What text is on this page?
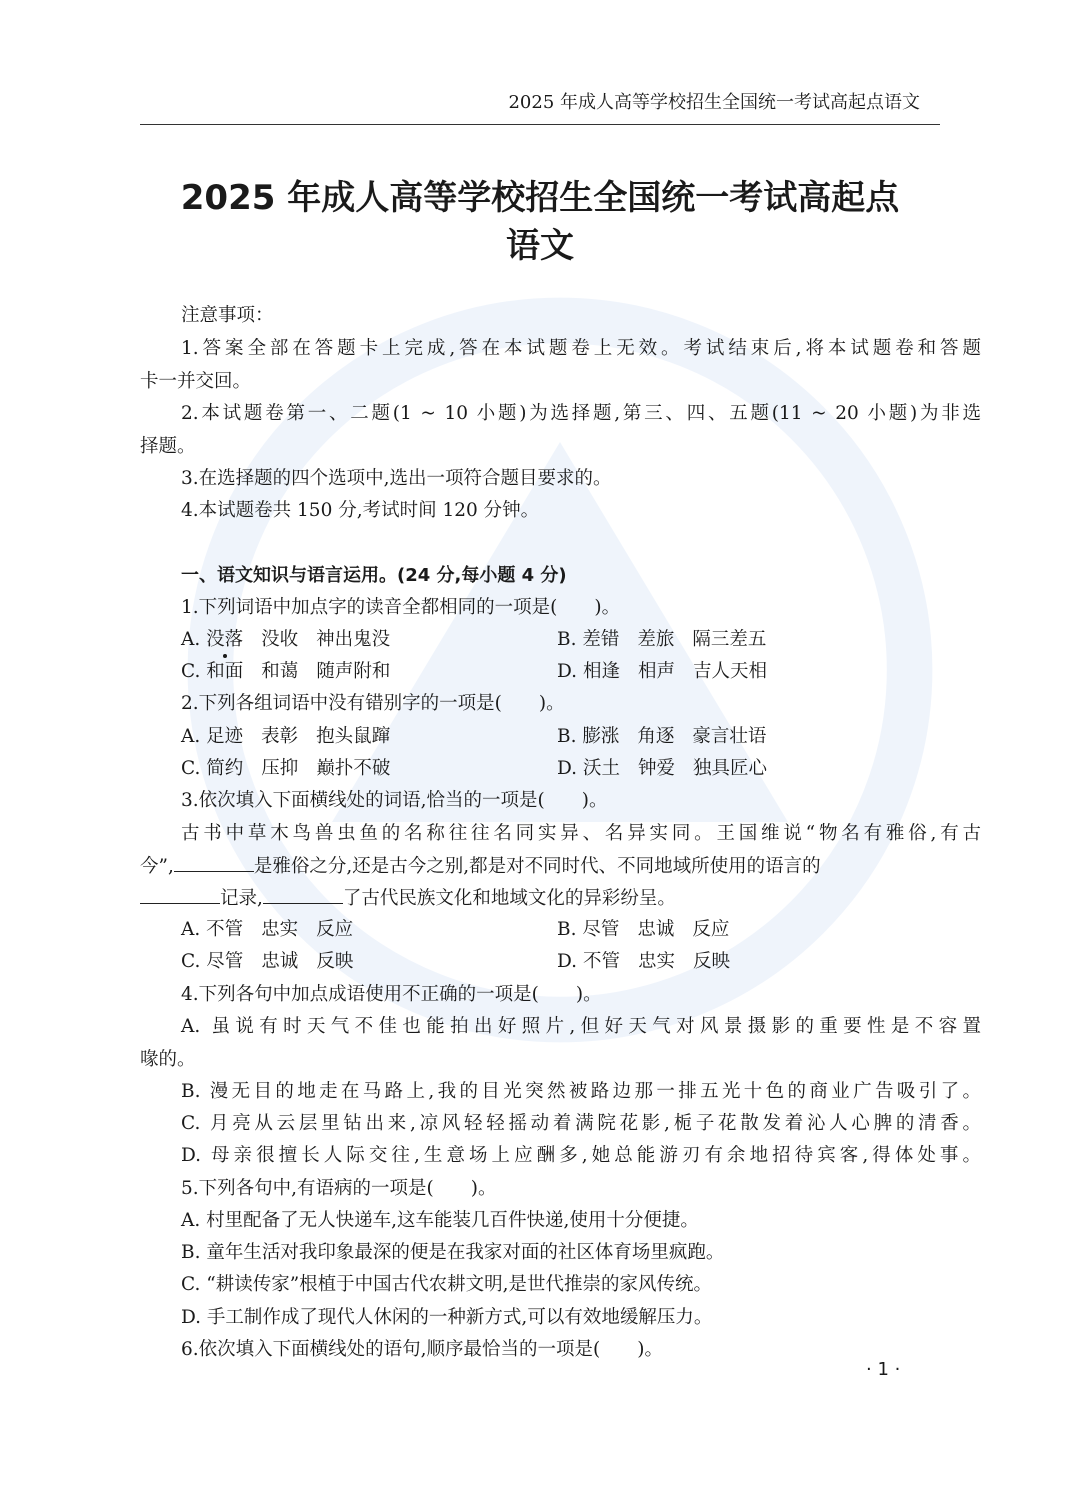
2025 年成人高等学校招生全国统一考试高起点语文
2025 年成人高等学校招生全国统一考试高起点
语文
注意事项：
1.答案全部在答题卡上完成,答在本试题卷上无效。考试结束后,将本试题卷和答题
卡一并交回。
2.本试题卷第一、二题(1 ~ 10 小题)为选择题,第三、四、五题(11 ~ 20 小题)为非选
择题。
3.在选择题的四个选项中,选出一项符合题目要求的。
4.本试题卷共 150 分,考试时间 120 分钟。
一、语文知识与语言运用。(24 分,每小题 4 分)
1.下列词语中加点字的读音全都相同的一项是(　　)。
A. 没落 没收 神出鬼没	B. 差错 差旅 隔三差五
C. 和面 和蔼 随声附和	D. 相逢 相声 吉人天相
2.下列各组词语中没有错别字的一项是(　　)。
A. 足迹 表彰 抱头鼠蹿	B. 膨涨 角逐 豪言壮语
C. 简约 压抑 巅扑不破	D. 沃土 钟爱 独具匠心
3.依次填入下面横线处的词语,恰当的一项是(　　)。
古书中草木鸟兽虫鱼的名称往往名同实异、名异实同。王国维说“物名有雅俗,有古
今”,	是雅俗之分,还是古今之别,都是对不同时代、不同地域所使用的语言的
记录,	了古代民族文化和地域文化的异彩纷呈。
A. 不管 忠实 反应	B. 尽管 忠诚 反应
C. 尽管 忠诚 反映	D. 不管 忠实 反映
4.下列各句中加点成语使用不正确的一项是(　　)。
A. 虽说有时天气不佳也能拍出好照片,但好天气对风景摄影的重要性是不容置
喙的。
B. 漫无目的地走在马路上,我的目光突然被路边那一排五光十色的商业广告吸引了。
C. 月亮从云层里钻出来,凉风轻轻摇动着满院花影,栀子花散发着沁人心脾的清香。
D. 母亲很擅长人际交往,生意场上应酬多,她总能游刃有余地招待宾客,得体处事。
5.下列各句中,有语病的一项是(　　)。
A. 村里配备了无人快递车,这车能装几百件快递,使用十分便捷。
B. 童年生活对我印象最深的便是在我家对面的社区体育场里疯跑。
C. “耕读传家”根植于中国古代农耕文明,是世代推崇的家风传统。
D. 手工制作成了现代人休闲的一种新方式,可以有效地缓解压力。
6.依次填入下面横线处的语句,顺序最恰当的一项是(　　)。
· 1 ·
